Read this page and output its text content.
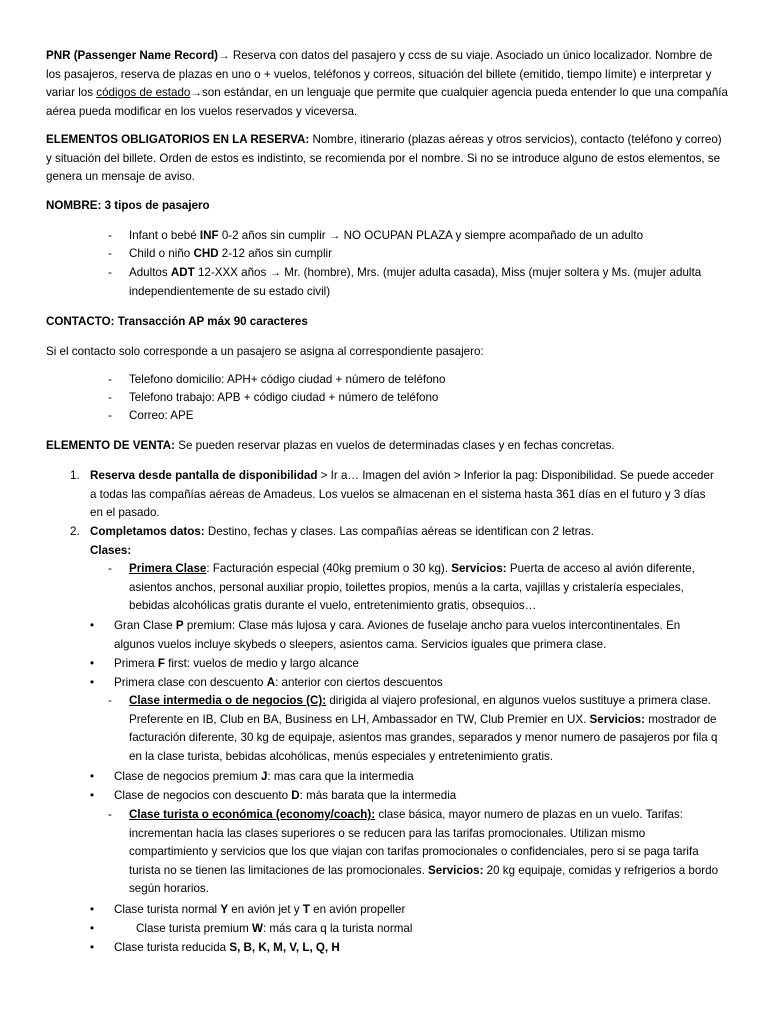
PNR (Passenger Name Record)→ Reserva con datos del pasajero y ccss de su viaje. Asociado un único localizador. Nombre de los pasajeros, reserva de plazas en uno o + vuelos, teléfonos y correos, situación del billete (emitido, tiempo límite) e interpretar y variar los códigos de estado→son estándar, en un lenguaje que permite que cualquier agencia pueda entender lo que una compañía aérea pueda modificar en los vuelos reservados y viceversa.

ELEMENTOS OBLIGATORIOS EN LA RESERVA: Nombre, itinerario (plazas aéreas y otros servicios), contacto (teléfono y correo) y situación del billete. Orden de estos es indistinto, se recomienda por el nombre. Si no se introduce alguno de estos elementos, se genera un mensaje de aviso.

NOMBRE: 3 tipos de pasajero

- Infant o bebé INF 0-2 años sin cumplir → NO OCUPAN PLAZA y siempre acompañado de un adulto
- Child o niño CHD 2-12 años sin cumplir
- Adultos ADT 12-XXX años → Mr. (hombre), Mrs. (mujer adulta casada), Miss (mujer soltera y Ms. (mujer adulta independientemente de su estado civil)

CONTACTO: Transacción AP máx 90 caracteres

Si el contacto solo corresponde a un pasajero se asigna al correspondiente pasajero:

- Telefono domicilio: APH+ código ciudad + número de teléfono
- Telefono trabajo: APB + código ciudad + número de teléfono
- Correo: APE

ELEMENTO DE VENTA: Se pueden reservar plazas en vuelos de determinadas clases y en fechas concretas.

1. Reserva desde pantalla de disponibilidad > Ir a… Imagen del avión > Inferior la pag: Disponibilidad. Se puede acceder a todas las compañías aéreas de Amadeus. Los vuelos se almacenan en el sistema hasta 361 días en el futuro y 3 días en el pasado.
2. Completamos datos: Destino, fechas y clases. Las compañías aéreas se identifican con 2 letras.
Clases:
- Primera Clase: Facturación especial (40kg premium o 30 kg). Servicios: Puerta de acceso al avión diferente, asientos anchos, personal auxiliar propio, toilettes propios, menús a la carta, vajillas y cristalería especiales, bebidas alcohólicas gratis durante el vuelo, entretenimiento gratis, obsequios…
• Gran Clase P premium: Clase más lujosa y cara. Aviones de fuselaje ancho para vuelos intercontinentales. En algunos vuelos incluye skybeds o sleepers, asientos cama. Servicios iguales que primera clase.
• Primera F first: vuelos de medio y largo alcance
• Primera clase con descuento A: anterior con ciertos descuentos
- Clase intermedia o de negocios (C): dirigida al viajero profesional, en algunos vuelos sustituye a primera clase. Preferente en IB, Club en BA, Business en LH, Ambassador en TW, Club Premier en UX. Servicios: mostrador de facturación diferente, 30 kg de equipaje, asientos mas grandes, separados y menor numero de pasajeros por fila q en la clase turista, bebidas alcohólicas, menús especiales y entretenimiento gratis.
• Clase de negocios premium J: mas cara que la intermedia
• Clase de negocios con descuento D: más barata que la intermedia
- Clase turista o económica (economy/coach): clase básica, mayor numero de plazas en un vuelo. Tarifas: incrementan hacia las clases superiores o se reducen para las tarifas promocionales. Utilizan mismo compartimiento y servicios que los que viajan con tarifas promocionales o confidenciales, pero si se paga tarifa turista no se tienen las limitaciones de las promocionales. Servicios: 20 kg equipaje, comidas y refrigerios a bordo según horarios.
• Clase turista normal Y en avión jet y T en avión propeller
•	Clase turista premium W: más cara q la turista normal
• Clase turista reducida S, B, K, M, V, L, Q, H
